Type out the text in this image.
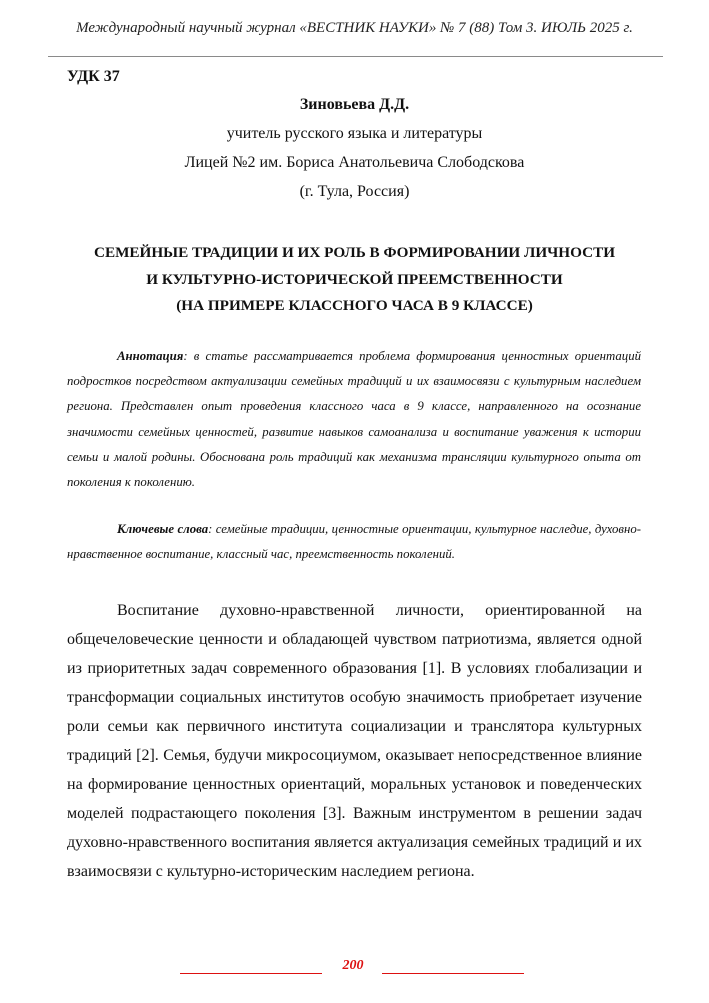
Международный научный журнал «ВЕСТНИК НАУКИ» № 7 (88) Том 3. ИЮЛЬ 2025 г.
УДК 37
Зиновьева Д.Д.
учитель русского языка и литературы
Лицей №2 им. Бориса Анатольевича Слободскова
(г. Тула, Россия)
СЕМЕЙНЫЕ ТРАДИЦИИ И ИХ РОЛЬ В ФОРМИРОВАНИИ ЛИЧНОСТИ
И КУЛЬТУРНО-ИСТОРИЧЕСКОЙ ПРЕЕМСТВЕННОСТИ
(НА ПРИМЕРЕ КЛАССНОГО ЧАСА В 9 КЛАССЕ)
Аннотация: в статье рассматривается проблема формирования ценностных ориентаций подростков посредством актуализации семейных традиций и их взаимосвязи с культурным наследием региона. Представлен опыт проведения классного часа в 9 классе, направленного на осознание значимости семейных ценностей, развитие навыков самоанализа и воспитание уважения к истории семьи и малой родины. Обоснована роль традиций как механизма трансляции культурного опыта от поколения к поколению.
Ключевые слова: семейные традиции, ценностные ориентации, культурное наследие, духовно-нравственное воспитание, классный час, преемственность поколений.
Воспитание духовно-нравственной личности, ориентированной на общечеловеческие ценности и обладающей чувством патриотизма, является одной из приоритетных задач современного образования [1]. В условиях глобализации и трансформации социальных институтов особую значимость приобретает изучение роли семьи как первичного института социализации и транслятора культурных традиций [2]. Семья, будучи микросоциумом, оказывает непосредственное влияние на формирование ценностных ориентаций, моральных установок и поведенческих моделей подрастающего поколения [3]. Важным инструментом в решении задач духовно-нравственного воспитания является актуализация семейных традиций и их взаимосвязи с культурно-историческим наследием региона.
200
